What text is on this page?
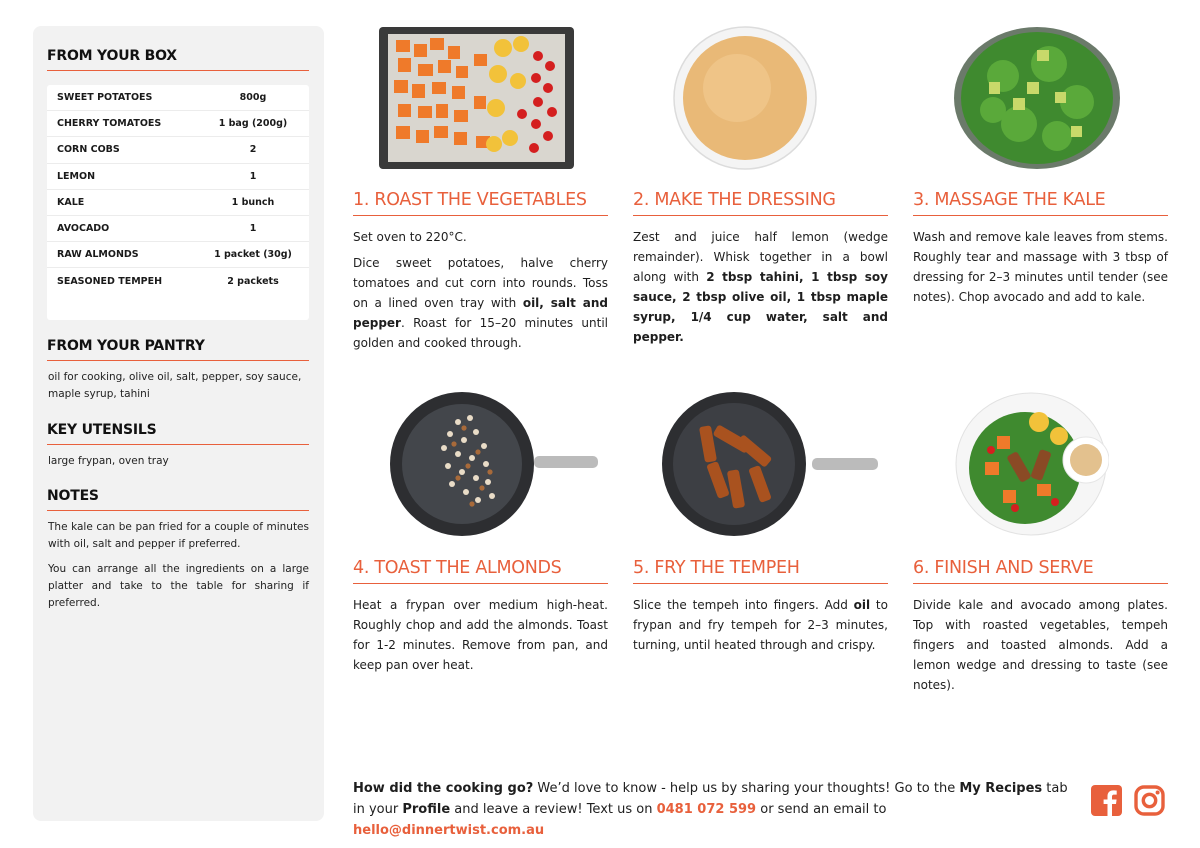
FROM YOUR BOX
FROM YOUR PANTRY
oil for cooking, olive oil, salt, pepper, soy sauce, maple syrup, tahini
KEY UTENSILS
large frypan, oven tray
NOTES
The kale can be pan fried for a couple of minutes with oil, salt and pepper if preferred.
You can arrange all the ingredients on a large platter and take to the table for sharing if preferred.
SWEET POTATOES	800g
CHERRY TOMATOES	1 bag (200g)
CORN COBS	2
LEMON	1
KALE	1 bunch
AVOCADO	1
RAW ALMONDS	1 packet (30g)
SEASONED TEMPEH	2 packets
1. ROAST THE VEGETABLES

Set oven to 220°C.

Dice sweet potatoes, halve cherry tomatoes and cut corn into rounds. Toss on a lined oven tray with oil, salt and pepper. Roast for 15–20 minutes until golden and cooked through.

2. MAKE THE DRESSING

Zest and juice half lemon (wedge remainder). Whisk together in a bowl along with 2 tbsp tahini, 1 tbsp soy sauce, 2 tbsp olive oil, 1 tbsp maple syrup, 1/4 cup water, salt and pepper.

3. MASSAGE THE KALE

Wash and remove kale leaves from stems. Roughly tear and massage with 3 tbsp of dressing for 2–3 minutes until tender (see notes). Chop avocado and add to kale.

4. TOAST THE ALMONDS

Heat a frypan over medium high-heat. Roughly chop and add the almonds. Toast for 1-2 minutes. Remove from pan, and keep pan over heat.

5. FRY THE TEMPEH

Slice the tempeh into fingers. Add oil to frypan and fry tempeh for 2–3 minutes, turning, until heated through and crispy.

6. FINISH AND SERVE

Divide kale and avocado among plates. Top with roasted vegetables, tempeh fingers and toasted almonds. Add a lemon wedge and dressing to taste (see notes).

How did the cooking go? We’d love to know - help us by sharing your thoughts! Go to the My Recipes tab in your Profile and leave a review! Text us on 0481 072 599 or send an email to hello@dinnertwist.com.au
